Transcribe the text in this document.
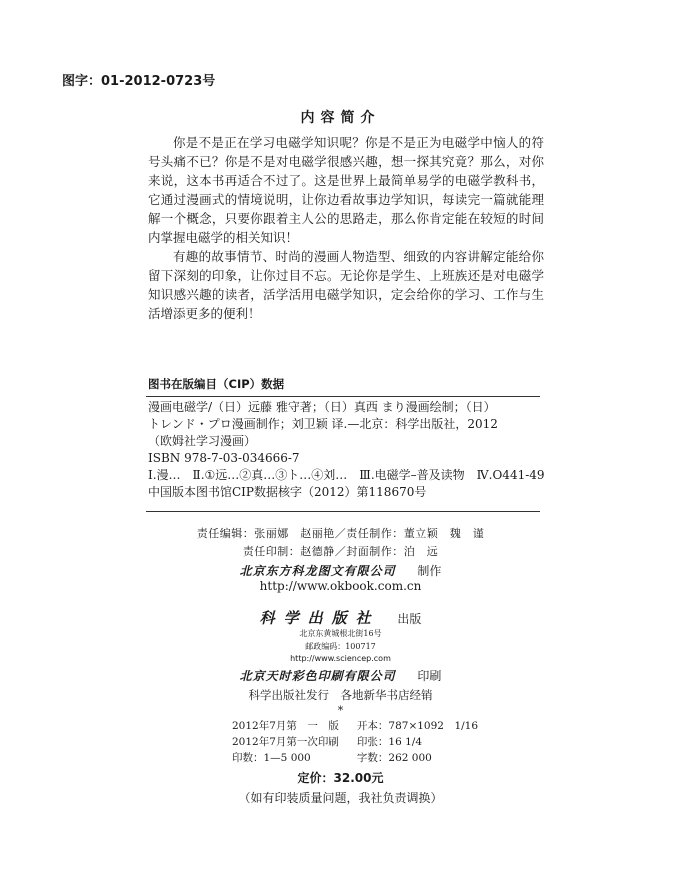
图字：01-2012-0723号
内容简介

你是不是正在学习电磁学知识呢？你是不是正为电磁学中恼人的符号头痛不已？你是不是对电磁学很感兴趣，想一探其究竟？那么，对你来说，这本书再适合不过了。这是世界上最简单易学的电磁学教科书，它通过漫画式的情境说明，让你边看故事边学知识，每读完一篇就能理解一个概念，只要你跟着主人公的思路走，那么你肯定能在较短的时间内掌握电磁学的相关知识！

有趣的故事情节、时尚的漫画人物造型、细致的内容讲解定能给你留下深刻的印象，让你过目不忘。无论你是学生、上班族还是对电磁学知识感兴趣的读者，活学活用电磁学知识，定会给你的学习、工作与生活增添更多的便利！

图书在版编目（CIP）数据
漫画电磁学/（日）远藤 雅守著；（日）真西 まり漫画绘制；（日）
トレンド・プロ漫画制作；刘卫颖 译.—北京：科学出版社，2012
（欧姆社学习漫画）
ISBN 978-7-03-034666-7
Ⅰ.漫…　Ⅱ.①远…②真…③ト…④刘…　Ⅲ.电磁学–普及读物　Ⅳ.O441-49
中国版本图书馆CIP数据核字（2012）第118670号
责任编辑：张丽娜　赵丽艳／责任制作：董立颖　魏　谨
责任印制：赵德静／封面制作：泊　远
北京东方科龙图文有限公司 制作
http://www.okbook.com.cn
科学出版社 出版
北京东黄城根北街16号
邮政编码：100717
http://www.sciencep.com
北京天时彩色印刷有限公司 印刷
科学出版社发行　各地新华书店经销
*
2012年7月第　一　版	开本：787×1092　1/16
2012年7月第一次印刷	印张：16 1/4
印数：1—5 000	字数：262 000
定价：32.00元
（如有印装质量问题，我社负责调换）
